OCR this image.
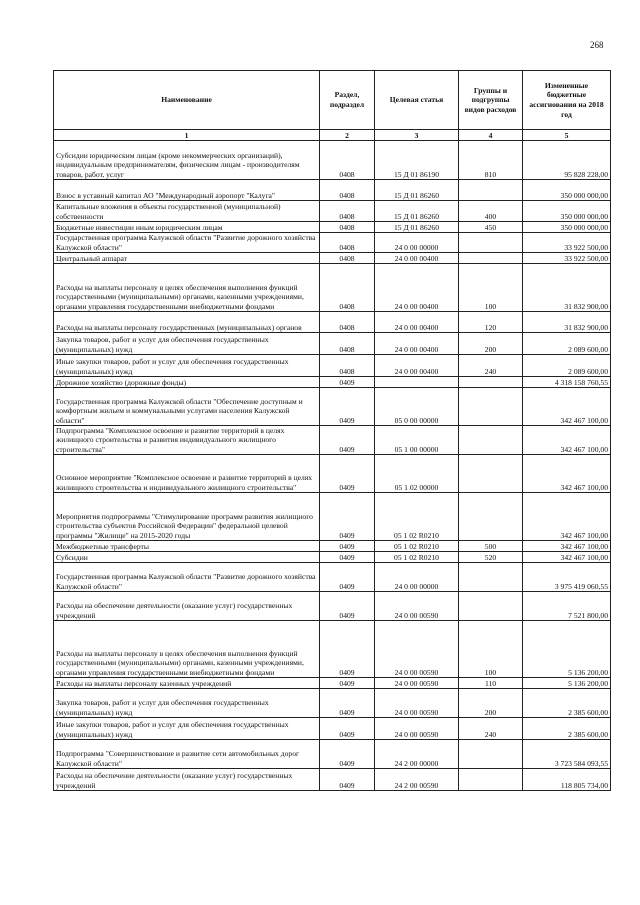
268
Наименование	Раздел, подраздел	Целевая статья	Группы и подгруппы видов расходов	Измененные бюджетные ассигнования на 2018 год
1	2	3	4	5
Субсидии юридическим лицам (кроме некоммерческих организаций), индивидуальным предпринимателям, физическим лицам - производителям товаров, работ, услуг	0408	15 Д 01 86190	810	95 828 228,00
Взнос в уставный капитал АО "Международный аэропорт "Калуга"	0408	15 Д 01 86260		350 000 000,00
Капитальные вложения в объекты государственной (муниципальной) собственности	0408	15 Д 01 86260	400	350 000 000,00
Бюджетные инвестиции иным юридическим лицам	0408	15 Д 01 86260	450	350 000 000,00
Государственная программа Калужской области "Развитие дорожного хозяйства Калужской области"	0408	24 0 00 00000		33 922 500,00
Центральный аппарат	0408	24 0 00 00400		33 922 500,00
Расходы на выплаты персоналу в целях обеспечения выполнения функций государственными (муниципальными) органами, казенными учреждениями, органами управления государственными внебюджетными фондами	0408	24 0 00 00400	100	31 832 900,00
Расходы на выплаты персоналу государственных (муниципальных) органов	0408	24 0 00 00400	120	31 832 900,00
Закупка товаров, работ и услуг для обеспечения государственных (муниципальных) нужд	0408	24 0 00 00400	200	2 089 600,00
Иные закупки товаров, работ и услуг для обеспечения государственных (муниципальных) нужд	0408	24 0 00 00400	240	2 089 600,00
Дорожное хозяйство (дорожные фонды)	0409			4 318 158 760,55
Государственная программа Калужской области "Обеспечение доступным и комфортным жильем и коммунальными услугами населения Калужской области"	0409	05 0 00 00000		342 467 100,00
Подпрограмма "Комплексное освоение и развитие территорий в целях жилищного строительства и развития индивидуального жилищного строительства"	0409	05 1 00 00000		342 467 100,00
Основное мероприятие "Комплексное освоение и развитие территорий в целях жилищного строительства и индивидуального жилищного строительства"	0409	05 1 02 00000		342 467 100,00
Мероприятия подпрограммы "Стимулирование программ развития жилищного строительства субъектов Российской Федерации" федеральной целевой программы "Жилище" на 2015-2020 годы	0409	05 1 02 R0210		342 467 100,00
Межбюджетные трансферты	0409	05 1 02 R0210	500	342 467 100,00
Субсидии	0409	05 1 02 R0210	520	342 467 100,00
Государственная программа Калужской области "Развитие дорожного хозяйства Калужской области"	0409	24 0 00 00000		3 975 419 060,55
Расходы на обеспечение деятельности (оказание услуг) государственных учреждений	0409	24 0 00 00590		7 521 800,00
Расходы на выплаты персоналу в целях обеспечения выполнения функций государственными (муниципальными) органами, казенными учреждениями, органами управления государственными внебюджетными фондами	0409	24 0 00 00590	100	5 136 200,00
Расходы на выплаты персоналу казенных учреждений	0409	24 0 00 00590	110	5 136 200,00
Закупка товаров, работ и услуг для обеспечения государственных (муниципальных) нужд	0409	24 0 00 00590	200	2 385 600,00
Иные закупки товаров, работ и услуг для обеспечения государственных (муниципальных) нужд	0409	24 0 00 00590	240	2 385 600,00
Подпрограмма "Совершенствование и развитие сети автомобильных дорог Калужской области"	0409	24 2 00 00000		3 723 584 093,55
Расходы на обеспечение деятельности (оказание услуг) государственных учреждений	0409	24 2 00 00590		118 805 734,00
